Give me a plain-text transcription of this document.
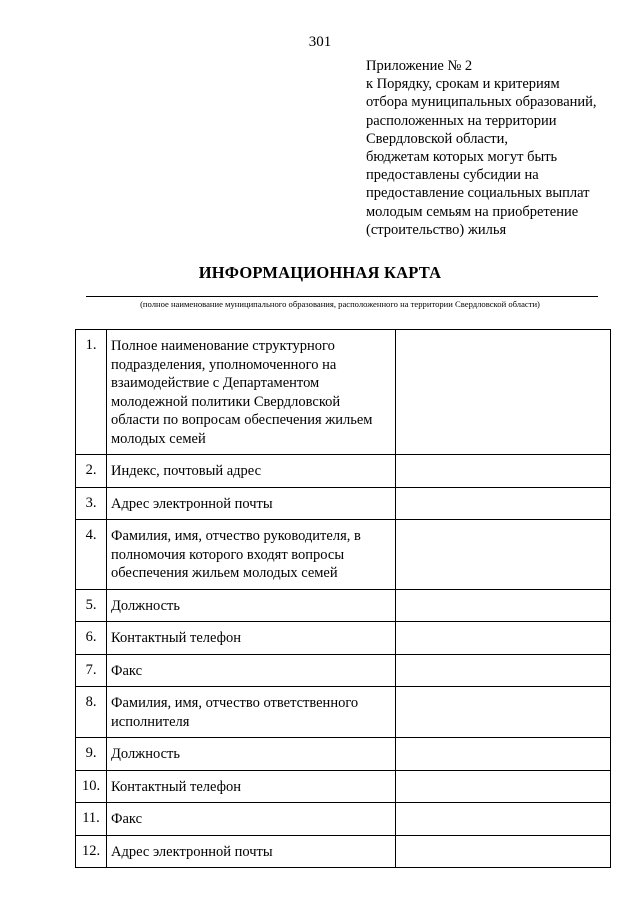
301
Приложение № 2
к Порядку, срокам и критериям
отбора муниципальных образований,
расположенных на территории
Свердловской области,
бюджетам которых могут быть
предоставлены субсидии на
предоставление социальных выплат
молодым семьям на приобретение
(строительство) жилья
ИНФОРМАЦИОННАЯ КАРТА
(полное наименование муниципального образования, расположенного на территории Свердловской области)
1.	Полное наименование структурного подразделения, уполномоченного на взаимодействие с Департаментом молодежной политики Свердловской области по вопросам обеспечения жильем молодых семей	
2.	Индекс, почтовый адрес	
3.	Адрес электронной почты	
4.	Фамилия, имя, отчество руководителя, в полномочия которого входят вопросы обеспечения жильем молодых семей	
5.	Должность	
6.	Контактный телефон	
7.	Факс	
8.	Фамилия, имя, отчество ответственного исполнителя	
9.	Должность	
10.	Контактный телефон	
11.	Факс	
12.	Адрес электронной почты	
